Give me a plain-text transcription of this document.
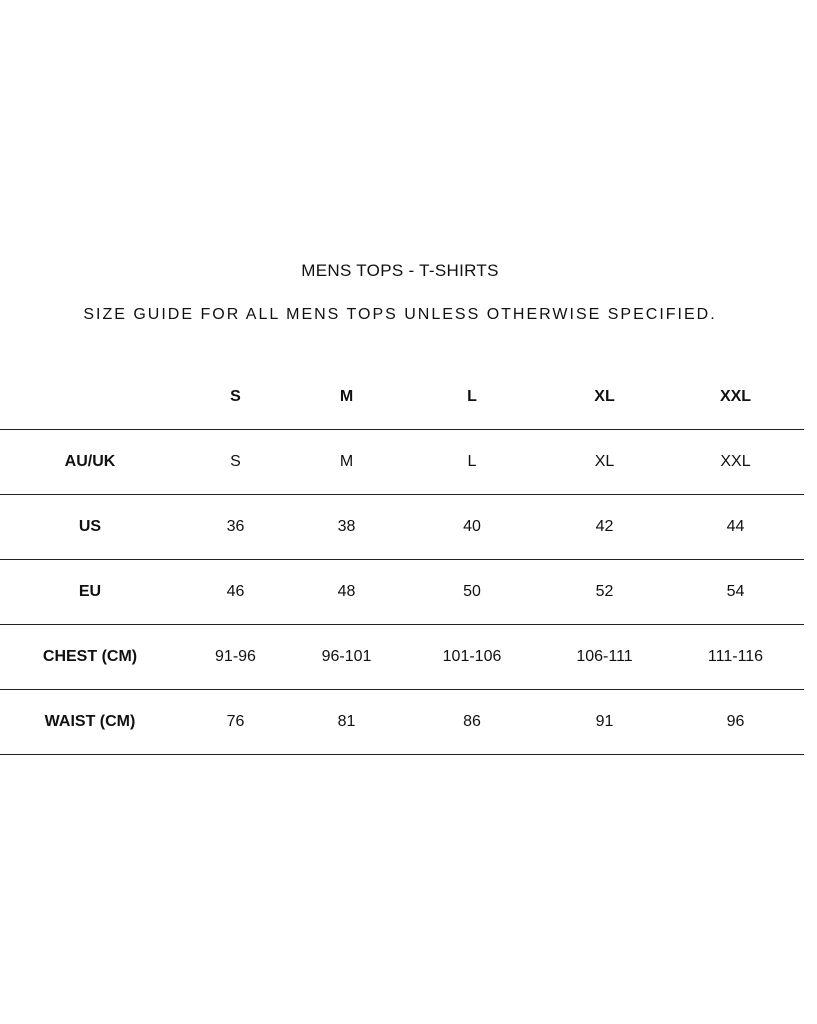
MENS TOPS - T-SHIRTS
SIZE GUIDE FOR ALL MENS TOPS UNLESS OTHERWISE SPECIFIED.
	S	M	L	XL	XXL
AU/UK	S	M	L	XL	XXL
US	36	38	40	42	44
EU	46	48	50	52	54
CHEST (CM)	91-96	96-101	101-106	106-111	111-116
WAIST (CM)	76	81	86	91	96
